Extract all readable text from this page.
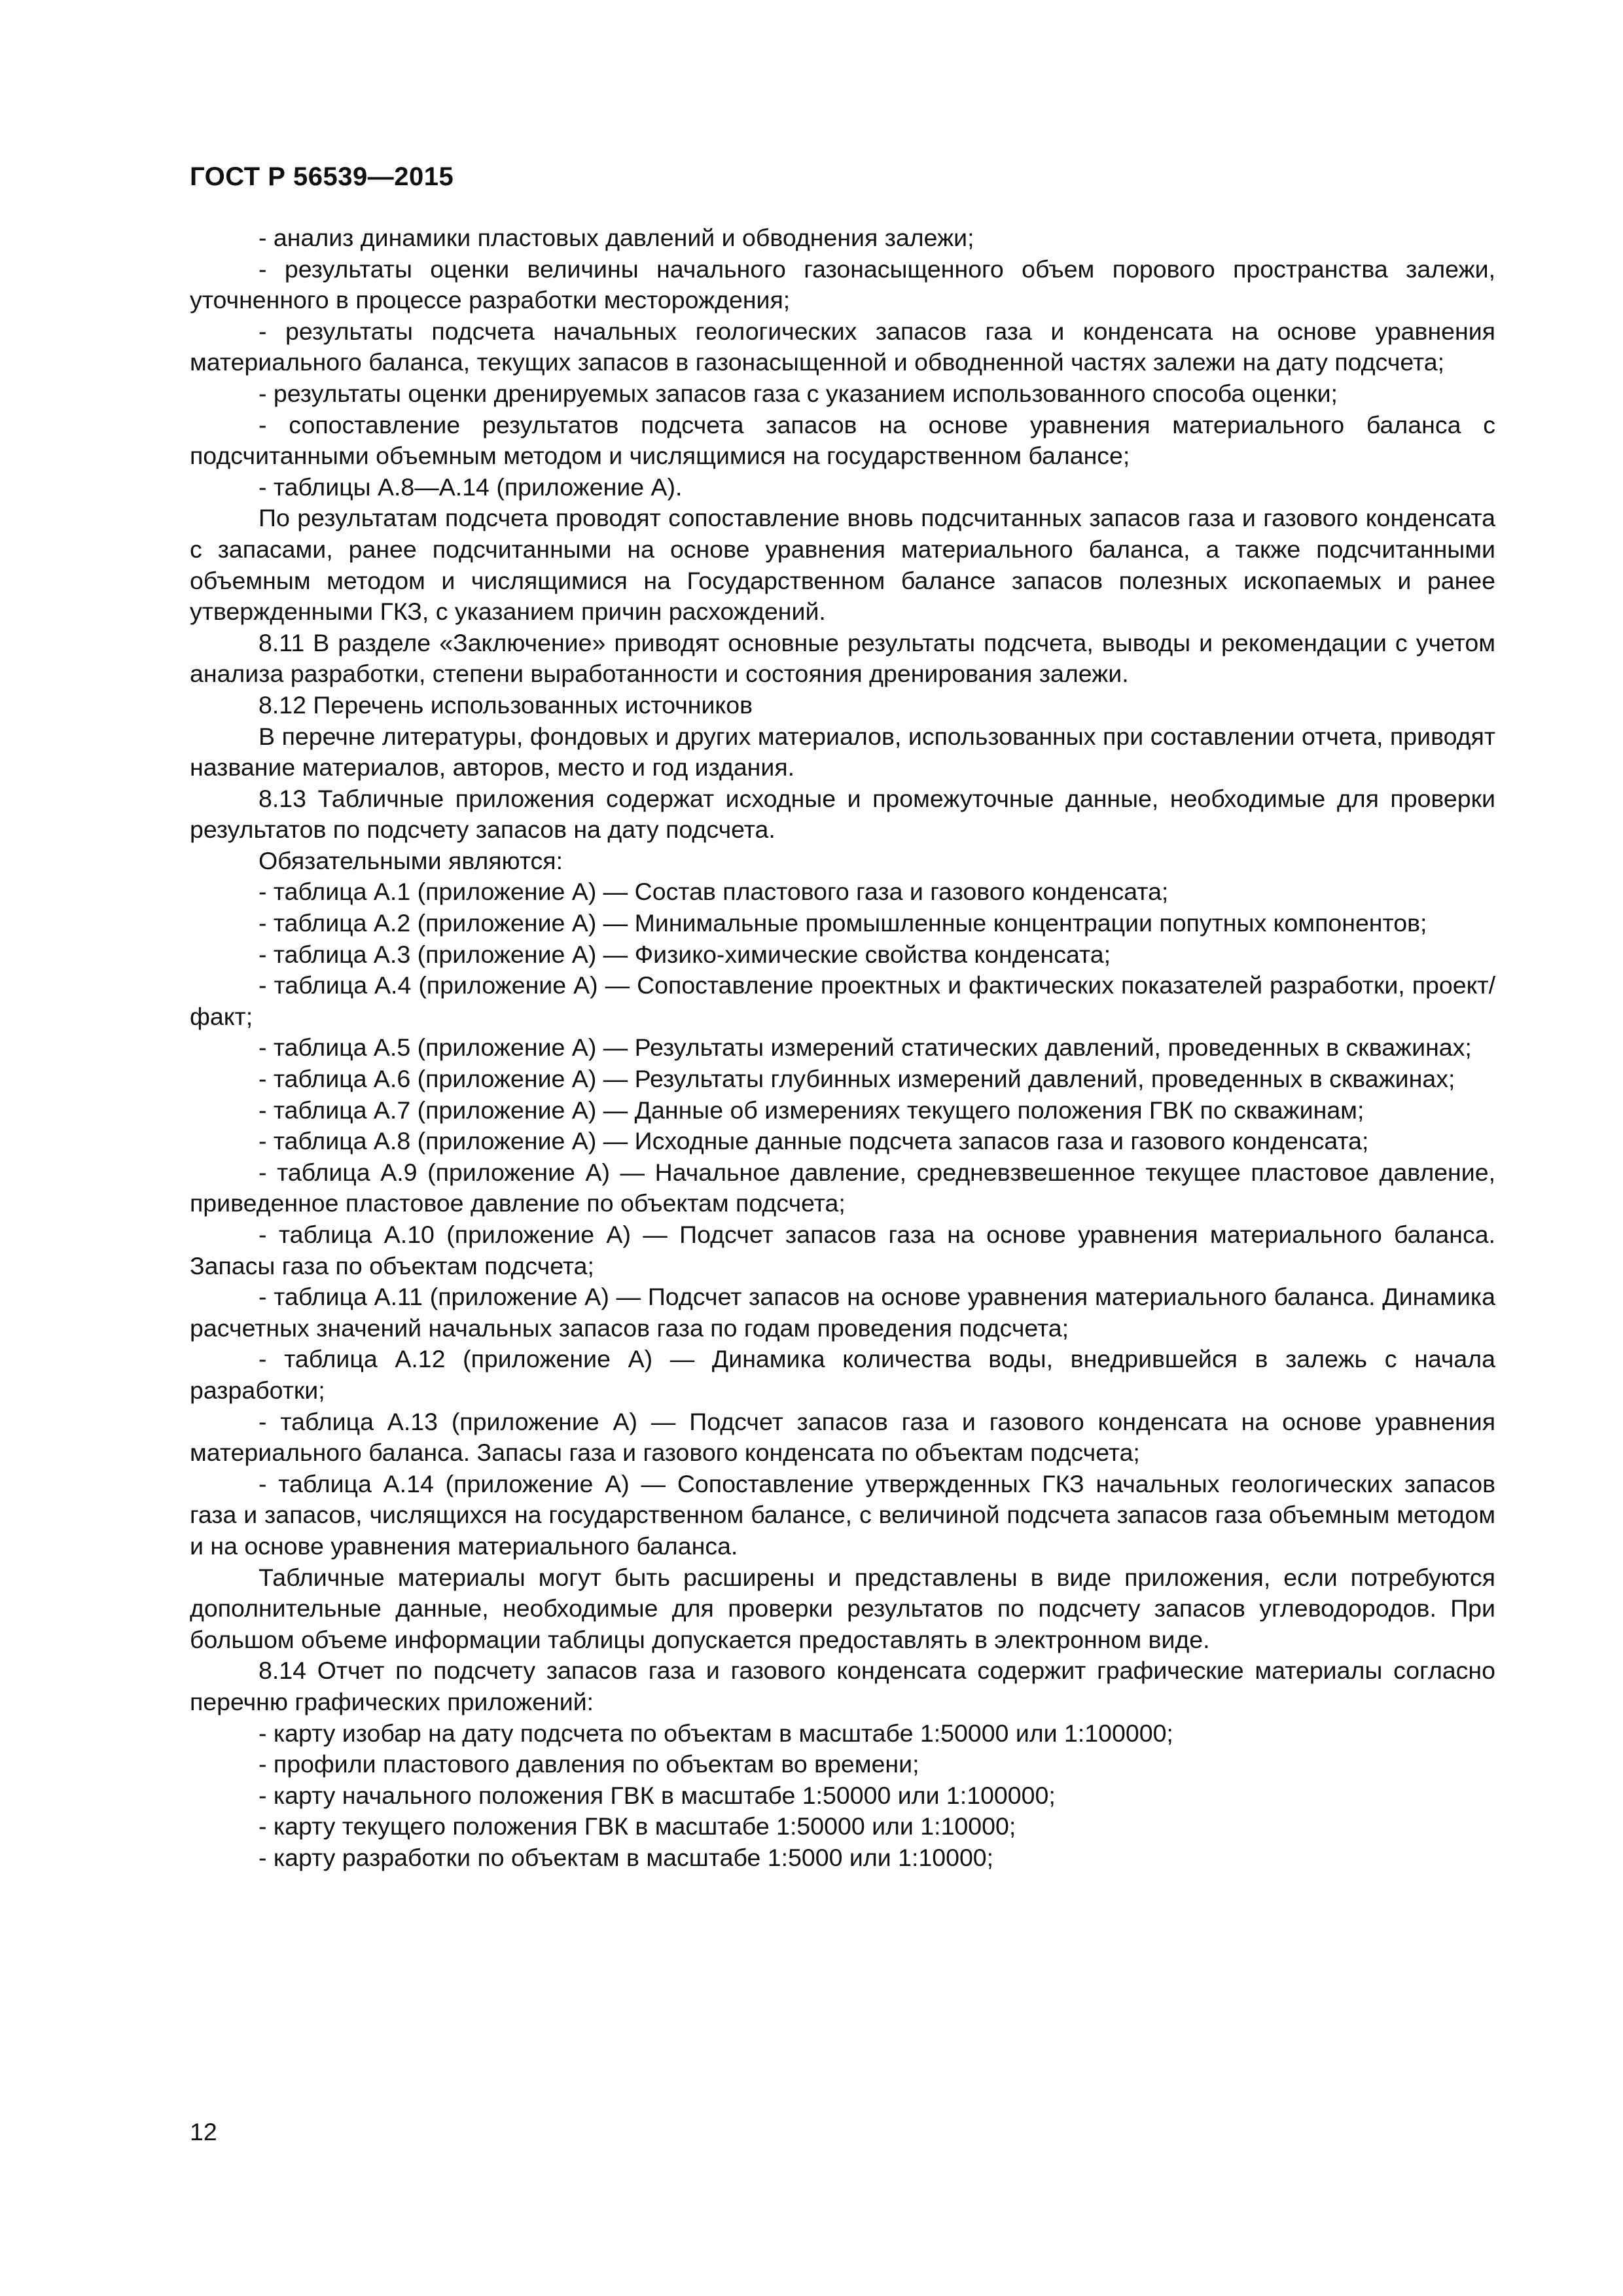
ГОСТ Р 56539—2015

- анализ динамики пластовых давлений и обводнения залежи;

- результаты оценки величины начального газонасыщенного объем порового пространства залежи, уточненного в процессе разработки месторождения;

- результаты подсчета начальных геологических запасов газа и конденсата на основе уравнения материального баланса, текущих запасов в газонасыщенной и обводненной частях залежи на дату подсчета;

- результаты оценки дренируемых запасов газа с указанием использованного способа оценки;

- сопоставление результатов подсчета запасов на основе уравнения материального баланса с подсчитанными объемным методом и числящимися на государственном балансе;

- таблицы А.8—А.14 (приложение А).

По результатам подсчета проводят сопоставление вновь подсчитанных запасов газа и газового конденсата с запасами, ранее подсчитанными на основе уравнения материального баланса, а также подсчитанными объемным методом и числящимися на Государственном балансе запасов полезных ископаемых и ранее утвержденными ГКЗ, с указанием причин расхождений.

8.11 В разделе «Заключение» приводят основные результаты подсчета, выводы и рекомендации с учетом анализа разработки, степени выработанности и состояния дренирования залежи.

8.12 Перечень использованных источников

В перечне литературы, фондовых и других материалов, использованных при составлении отчета, приводят название материалов, авторов, место и год издания.

8.13 Табличные приложения содержат исходные и промежуточные данные, необходимые для проверки результатов по подсчету запасов на дату подсчета.

Обязательными являются:

- таблица А.1 (приложение А) — Состав пластового газа и газового конденсата;

- таблица А.2 (приложение А) — Минимальные промышленные концентрации попутных компонентов;

- таблица А.3 (приложение А) — Физико-химические свойства конденсата;

- таблица А.4 (приложение А) — Сопоставление проектных и фактических показателей разработки, проект/факт;

- таблица А.5 (приложение А) — Результаты измерений статических давлений, проведенных в скважинах;

- таблица А.6 (приложение А) — Результаты глубинных измерений давлений, проведенных в скважинах;

- таблица А.7 (приложение А) — Данные об измерениях текущего положения ГВК по скважинам;

- таблица А.8 (приложение А) — Исходные данные подсчета запасов газа и газового конденсата;

- таблица А.9 (приложение А) — Начальное давление, средневзвешенное текущее пластовое давление, приведенное пластовое давление по объектам подсчета;

- таблица А.10 (приложение А) — Подсчет запасов газа на основе уравнения материального баланса. Запасы газа по объектам подсчета;

- таблица А.11 (приложение А) — Подсчет запасов на основе уравнения материального баланса. Динамика расчетных значений начальных запасов газа по годам проведения подсчета;

- таблица А.12 (приложение А) — Динамика количества воды, внедрившейся в залежь с начала разработки;

- таблица А.13 (приложение А) — Подсчет запасов газа и газового конденсата на основе уравнения материального баланса. Запасы газа и газового конденсата по объектам подсчета;

- таблица А.14 (приложение А) — Сопоставление утвержденных ГКЗ начальных геологических запасов газа и запасов, числящихся на государственном балансе, с величиной подсчета запасов газа объемным методом и на основе уравнения материального баланса.

Табличные материалы могут быть расширены и представлены в виде приложения, если потребуются дополнительные данные, необходимые для проверки результатов по подсчету запасов углеводородов. При большом объеме информации таблицы допускается предоставлять в электронном виде.

8.14 Отчет по подсчету запасов газа и газового конденсата содержит графические материалы согласно перечню графических приложений:

- карту изобар на дату подсчета по объектам в масштабе 1:50000 или 1:100000;

- профили пластового давления по объектам во времени;

- карту начального положения ГВК в масштабе 1:50000 или 1:100000;

- карту текущего положения ГВК в масштабе 1:50000 или 1:10000;

- карту разработки по объектам в масштабе 1:5000 или 1:10000;

12
